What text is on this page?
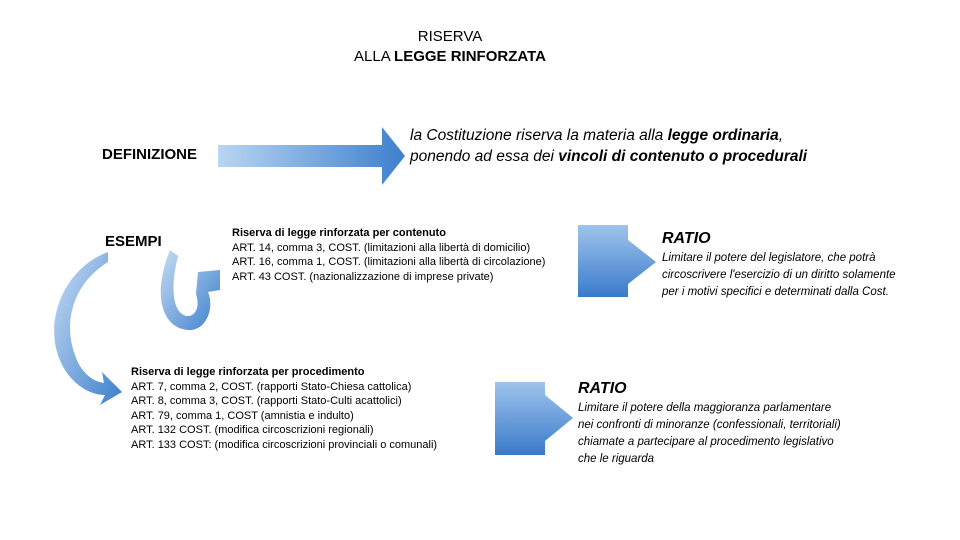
RISERVA
ALLA LEGGE RINFORZATA
DEFINIZIONE
ESEMPI
la Costituzione riserva la materia alla legge ordinaria,
ponendo ad essa dei vincoli di contenuto o procedurali
Riserva di legge rinforzata per contenuto
ART. 14, comma 3, COST. (limitazioni alla libertà di domicilio)
ART. 16, comma 1, COST. (limitazioni alla libertà di circolazione)
ART. 43 COST. (nazionalizzazione di imprese private)
Riserva di legge rinforzata per procedimento
ART. 7, comma 2, COST. (rapporti Stato-Chiesa cattolica)
ART. 8, comma 3, COST. (rapporti Stato-Culti acattolici)
ART. 79, comma 1, COST (amnistia e indulto)
ART. 132 COST. (modifica circoscrizioni regionali)
ART. 133 COST: (modifica circoscrizioni provinciali o comunali)
RATIO
Limitare il potere del legislatore, che potrà
circoscrivere l'esercizio di un diritto solamente
per i motivi specifici e determinati dalla Cost.
RATIO
Limitare il potere della maggioranza parlamentare
nei confronti di minoranze (confessionali, territoriali)
chiamate a partecipare al procedimento legislativo
che le riguarda
